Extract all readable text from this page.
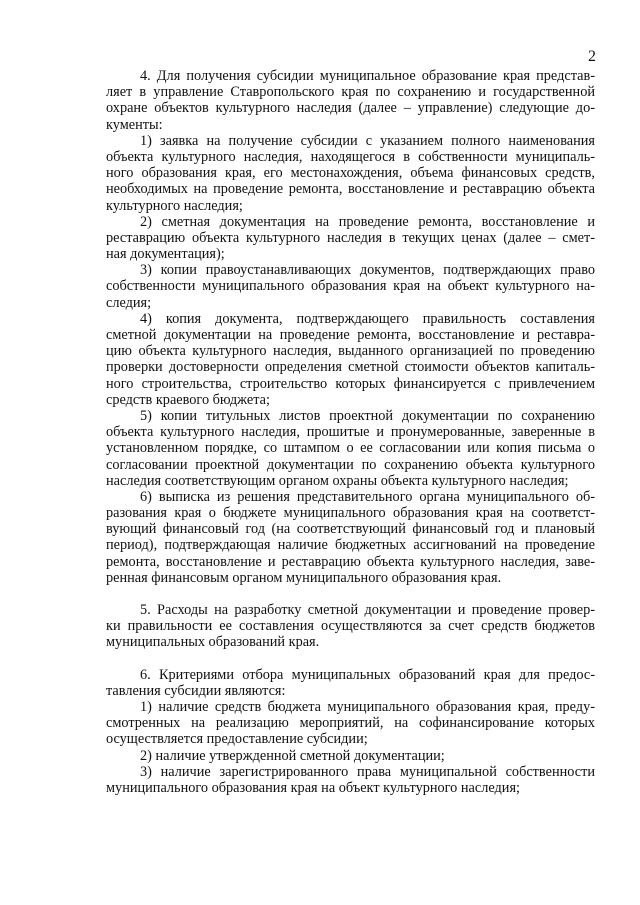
2
4. Для получения субсидии муниципальное образование края представ-
ляет в управление Ставропольского края по сохранению и государственной
охране объектов культурного наследия (далее – управление) следующие до-
кументы:
1) заявка на получение субсидии с указанием полного наименования
объекта культурного наследия, находящегося в собственности муниципаль-
ного образования края, его местонахождения, объема финансовых средств,
необходимых на проведение ремонта, восстановление и реставрацию объекта
культурного наследия;
2) сметная документация на проведение ремонта, восстановление и
реставрацию объекта культурного наследия в текущих ценах (далее – смет-
ная документация);
3) копии правоустанавливающих документов, подтверждающих право
собственности муниципального образования края на объект культурного на-
следия;
4) копия документа, подтверждающего правильность составления
сметной документации на проведение ремонта, восстановление и реставра-
цию объекта культурного наследия, выданного организацией по проведению
проверки достоверности определения сметной стоимости объектов капиталь-
ного строительства, строительство которых финансируется с привлечением
средств краевого бюджета;
5) копии титульных листов проектной документации по сохранению
объекта культурного наследия, прошитые и пронумерованные, заверенные в
установленном порядке, со штампом о ее согласовании или копия письма о
согласовании проектной документации по сохранению объекта культурного
наследия соответствующим органом охраны объекта культурного наследия;
6) выписка из решения представительного органа муниципального об-
разования края о бюджете муниципального образования края на соответст-
вующий финансовый год (на соответствующий финансовый год и плановый
период), подтверждающая наличие бюджетных ассигнований на проведение
ремонта, восстановление и реставрацию объекта культурного наследия, заве-
ренная финансовым органом муниципального образования края.
5. Расходы на разработку сметной документации и проведение провер-
ки правильности ее составления осуществляются за счет средств бюджетов
муниципальных образований края.
6. Критериями отбора муниципальных образований края для предос-
тавления субсидии являются:
1) наличие средств бюджета муниципального образования края, преду-
смотренных на реализацию мероприятий, на софинансирование которых
осуществляется предоставление субсидии;
2) наличие утвержденной сметной документации;
3) наличие зарегистрированного права муниципальной собственности
муниципального образования края на объект культурного наследия;
